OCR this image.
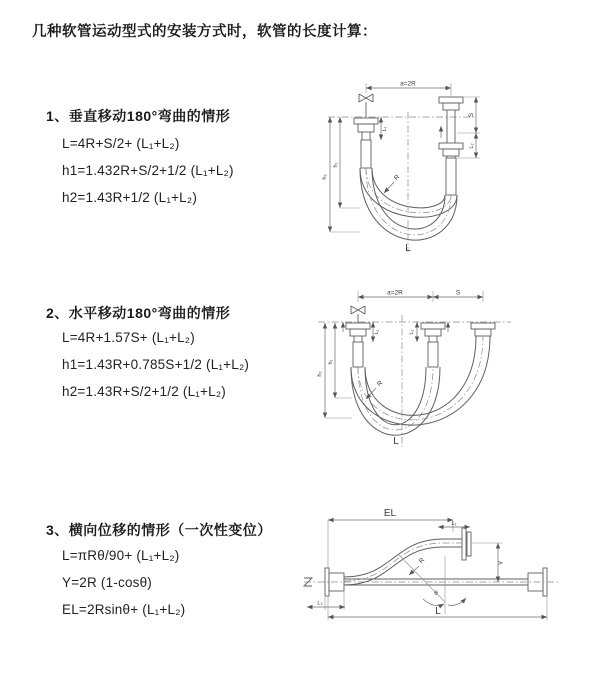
几种软管运动型式的安装方式时，软管的长度计算：
1、垂直移动180°弯曲的情形
L=4R+S/2+ (L₁+L₂)
h1=1.432R+S/2+1/2 (L₁+L₂)
h2=1.43R+1/2 (L₁+L₂)
a=2R
h₂
h₁
L₁
S
L₂
R
L
2、水平移动180°弯曲的情形
L=4R+1.57S+ (L₁+L₂)
h1=1.43R+0.785S+1/2 (L₁+L₂)
h2=1.43R+S/2+1/2 (L₁+L₂)
a=2R	S
h₂
h₁
L₁	L₂
R
L
3、横向位移的情形（一次性变位）
L=πRθ/90+ (L₁+L₂)
Y=2R (1-cosθ)
EL=2Rsinθ+ (L₁+L₂)
EL
L₁
θ
R	Y
L₂
L
